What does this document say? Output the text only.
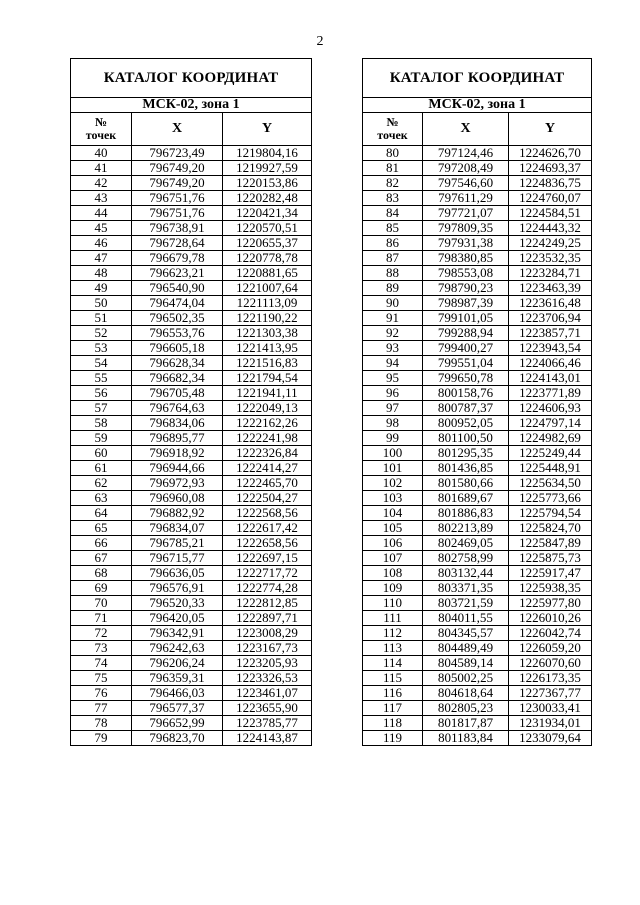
2
КАТАЛОГ КООРДИНАТ		
МСК-02, зона 1		
№
точек	X	Y
40	796723,49	1219804,16
41	796749,20	1219927,59
42	796749,20	1220153,86
43	796751,76	1220282,48
44	796751,76	1220421,34
45	796738,91	1220570,51
46	796728,64	1220655,37
47	796679,78	1220778,78
48	796623,21	1220881,65
49	796540,90	1221007,64
50	796474,04	1221113,09
51	796502,35	1221190,22
52	796553,76	1221303,38
53	796605,18	1221413,95
54	796628,34	1221516,83
55	796682,34	1221794,54
56	796705,48	1221941,11
57	796764,63	1222049,13
58	796834,06	1222162,26
59	796895,77	1222241,98
60	796918,92	1222326,84
61	796944,66	1222414,27
62	796972,93	1222465,70
63	796960,08	1222504,27
64	796882,92	1222568,56
65	796834,07	1222617,42
66	796785,21	1222658,56
67	796715,77	1222697,15
68	796636,05	1222717,72
69	796576,91	1222774,28
70	796520,33	1222812,85
71	796420,05	1222897,71
72	796342,91	1223008,29
73	796242,63	1223167,73
74	796206,24	1223205,93
75	796359,31	1223326,53
76	796466,03	1223461,07
77	796577,37	1223655,90
78	796652,99	1223785,77
79	796823,70	1224143,87
КАТАЛОГ КООРДИНАТ		
МСК-02, зона 1		
№
точек	X	Y
80	797124,46	1224626,70
81	797208,49	1224693,37
82	797546,60	1224836,75
83	797611,29	1224760,07
84	797721,07	1224584,51
85	797809,35	1224443,32
86	797931,38	1224249,25
87	798380,85	1223532,35
88	798553,08	1223284,71
89	798790,23	1223463,39
90	798987,39	1223616,48
91	799101,05	1223706,94
92	799288,94	1223857,71
93	799400,27	1223943,54
94	799551,04	1224066,46
95	799650,78	1224143,01
96	800158,76	1223771,89
97	800787,37	1224606,93
98	800952,05	1224797,14
99	801100,50	1224982,69
100	801295,35	1225249,44
101	801436,85	1225448,91
102	801580,66	1225634,50
103	801689,67	1225773,66
104	801886,83	1225794,54
105	802213,89	1225824,70
106	802469,05	1225847,89
107	802758,99	1225875,73
108	803132,44	1225917,47
109	803371,35	1225938,35
110	803721,59	1225977,80
111	804011,55	1226010,26
112	804345,57	1226042,74
113	804489,49	1226059,20
114	804589,14	1226070,60
115	805002,25	1226173,35
116	804618,64	1227367,77
117	802805,23	1230033,41
118	801817,87	1231934,01
119	801183,84	1233079,64
